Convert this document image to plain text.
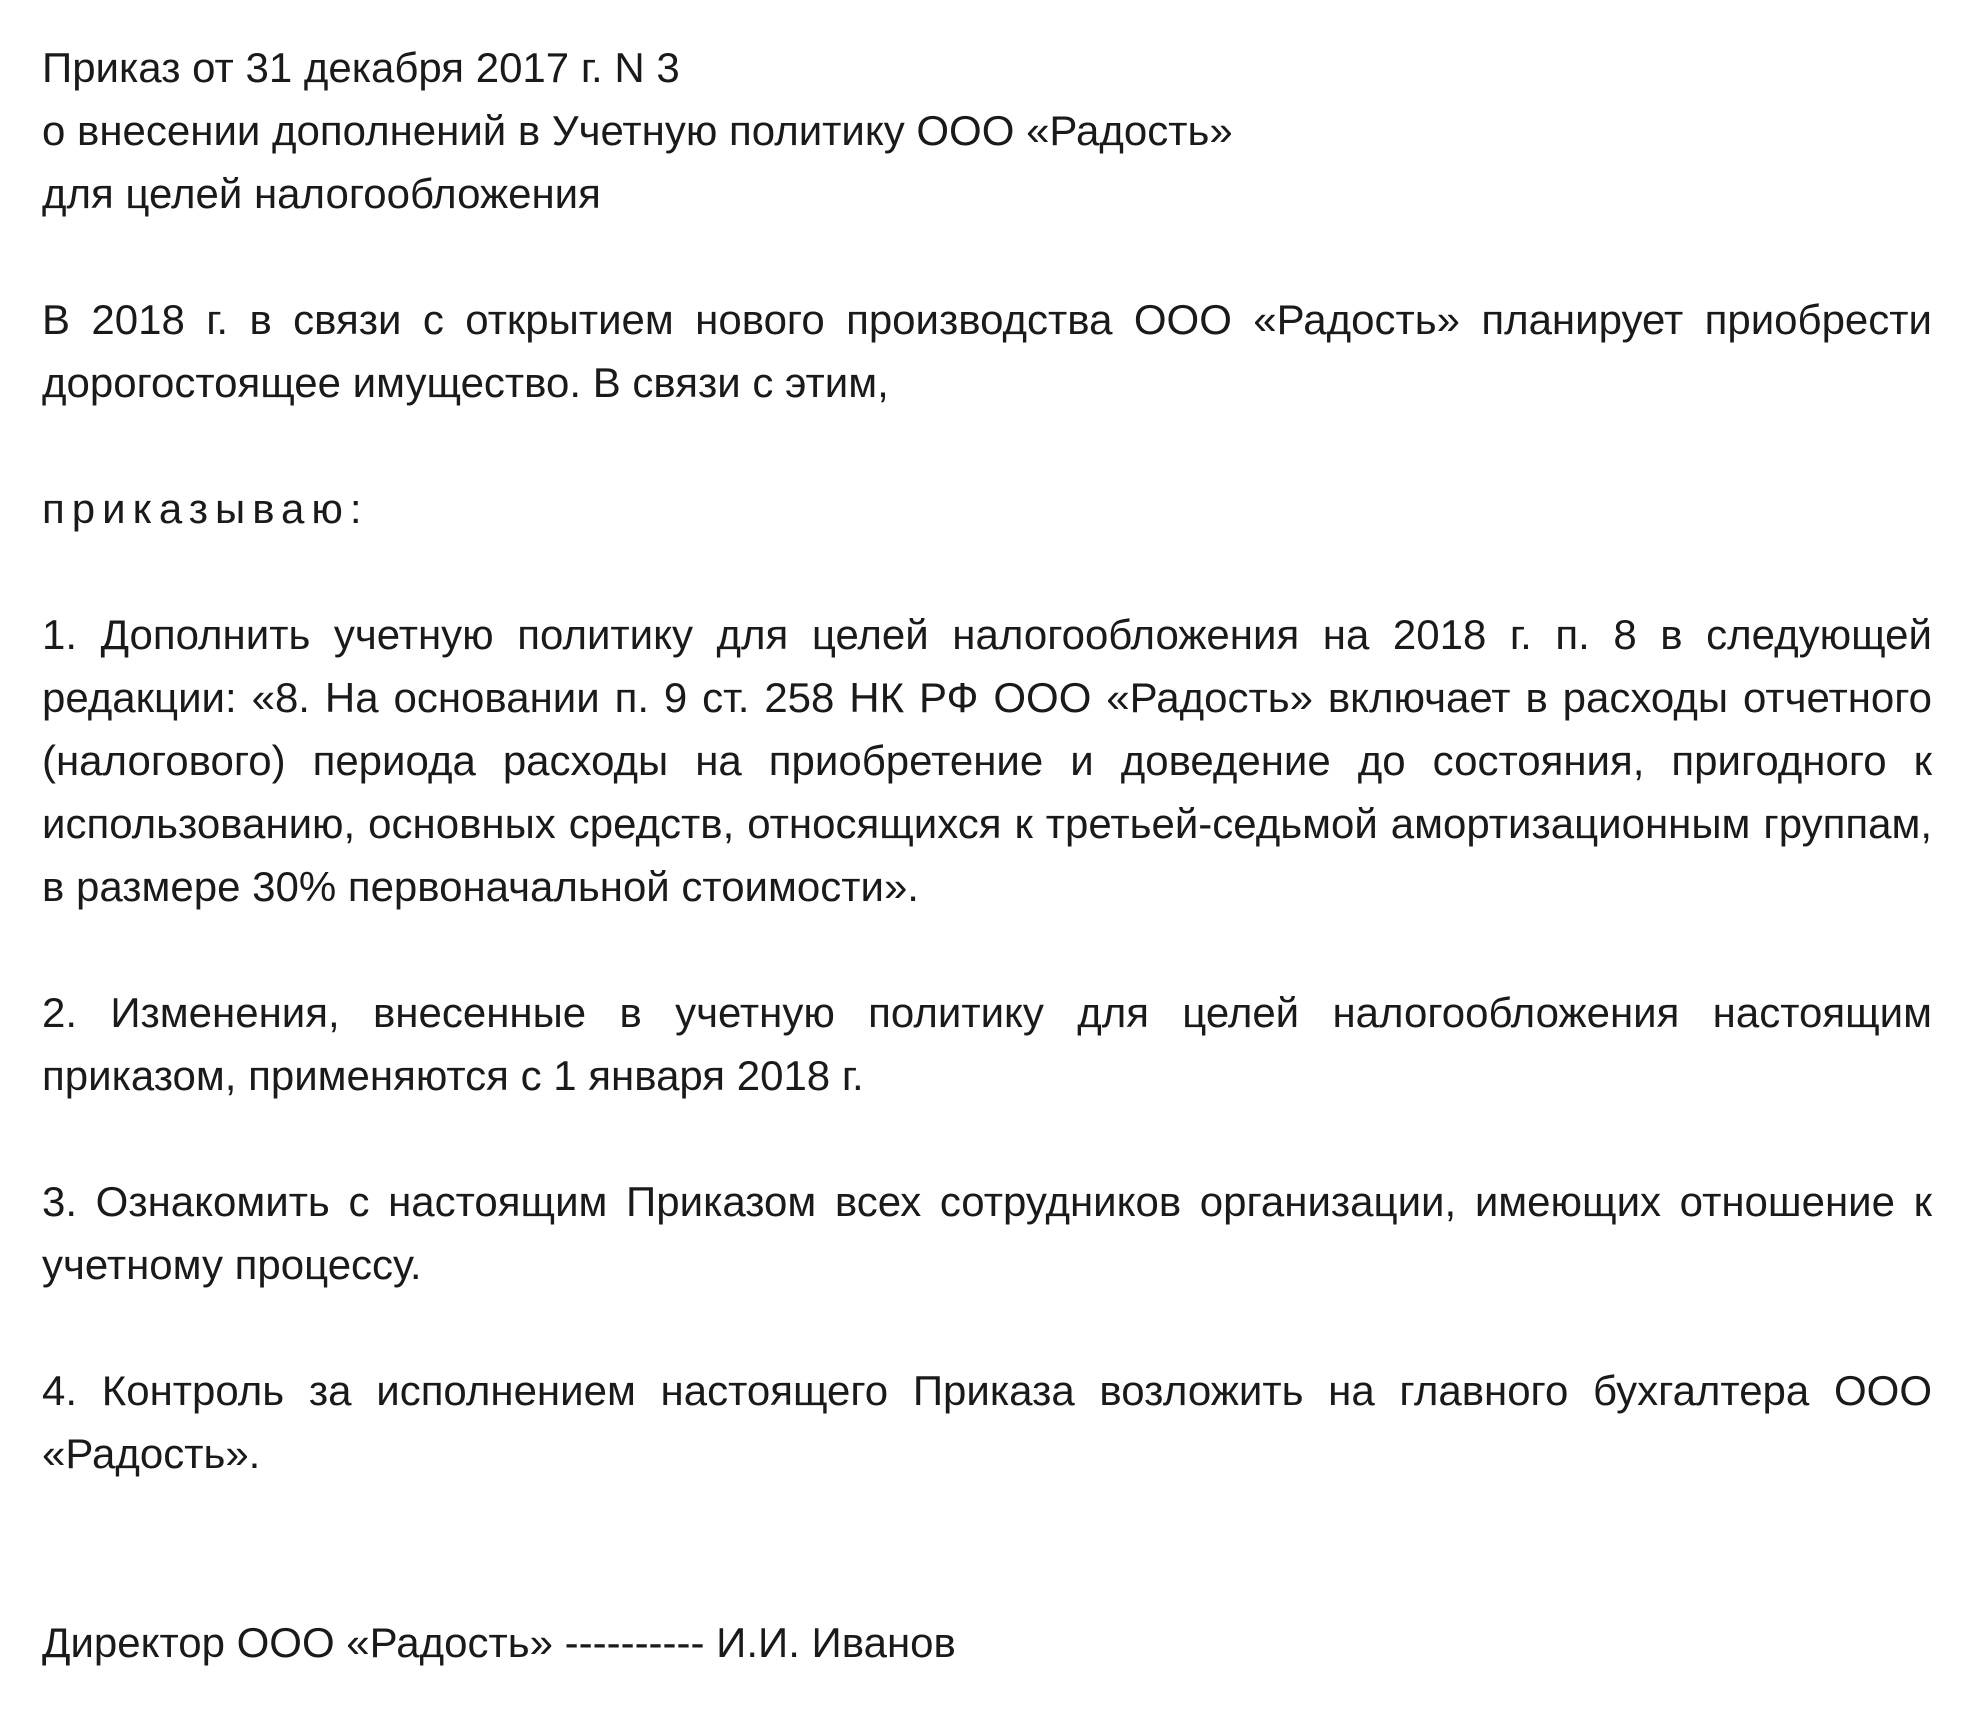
Приказ от 31 декабря 2017 г. N 3
о внесении дополнений в Учетную политику ООО «Радость»
для целей налогообложения

В 2018 г. в связи с открытием нового производства ООО «Радость» планирует приобрести дорогостоящее имущество. В связи с этим,

приказываю:

1. Дополнить учетную политику для целей налогообложения на 2018 г. п. 8 в следующей редакции: «8. На основании п. 9 ст. 258 НК РФ ООО «Радость» включает в расходы отчетного (налогового) периода расходы на приобретение и доведение до состояния, пригодного к использованию, основных средств, относящихся к третьей-седьмой амортизационным группам, в размере 30% первоначальной стоимости».

2. Изменения, внесенные в учетную политику для целей налогообложения настоящим приказом, применяются с 1 января 2018 г.

3. Ознакомить с настоящим Приказом всех сотрудников организации, имеющих отношение к учетному процессу.

4. Контроль за исполнением настоящего Приказа возложить на главного бухгалтера ООО «Радость».

Директор ООО «Радость» ---------- И.И. Иванов
